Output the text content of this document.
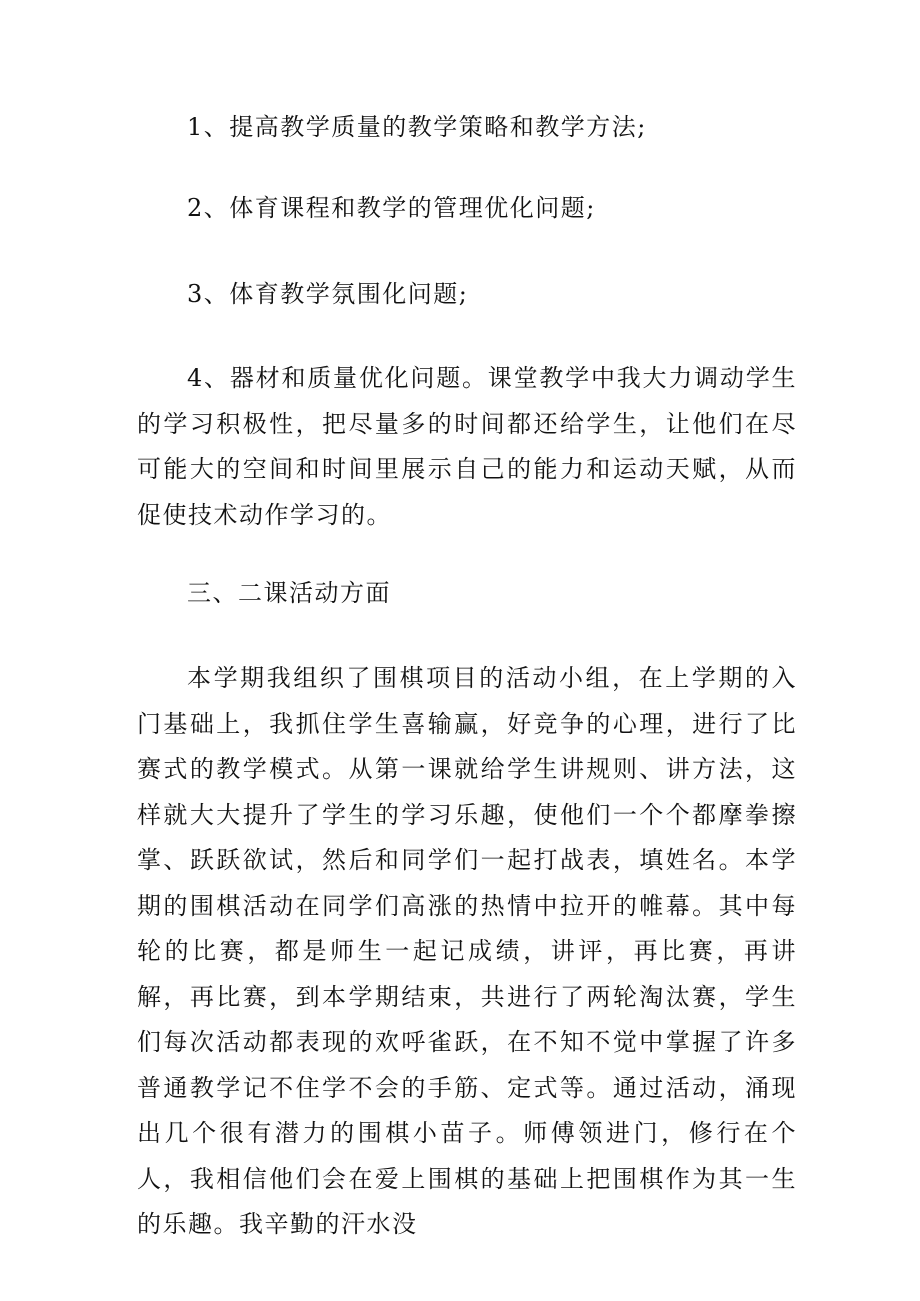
1、提高教学质量的教学策略和教学方法;

2、体育课程和教学的管理优化问题;

3、体育教学氛围化问题;

4、器材和质量优化问题。课堂教学中我大力调动学生的学习积极性，把尽量多的时间都还给学生，让他们在尽可能大的空间和时间里展示自己的能力和运动天赋，从而促使技术动作学习的。

三、二课活动方面

本学期我组织了围棋项目的活动小组，在上学期的入门基础上，我抓住学生喜输赢，好竞争的心理，进行了比赛式的教学模式。从第一课就给学生讲规则、讲方法，这样就大大提升了学生的学习乐趣，使他们一个个都摩拳擦掌、跃跃欲试，然后和同学们一起打战表，填姓名。本学期的围棋活动在同学们高涨的热情中拉开的帷幕。其中每轮的比赛，都是师生一起记成绩，讲评，再比赛，再讲解，再比赛，到本学期结束，共进行了两轮淘汰赛，学生们每次活动都表现的欢呼雀跃，在不知不觉中掌握了许多普通教学记不住学不会的手筋、定式等。通过活动，涌现出几个很有潜力的围棋小苗子。师傅领进门，修行在个人，我相信他们会在爱上围棋的基础上把围棋作为其一生的乐趣。我辛勤的汗水没
